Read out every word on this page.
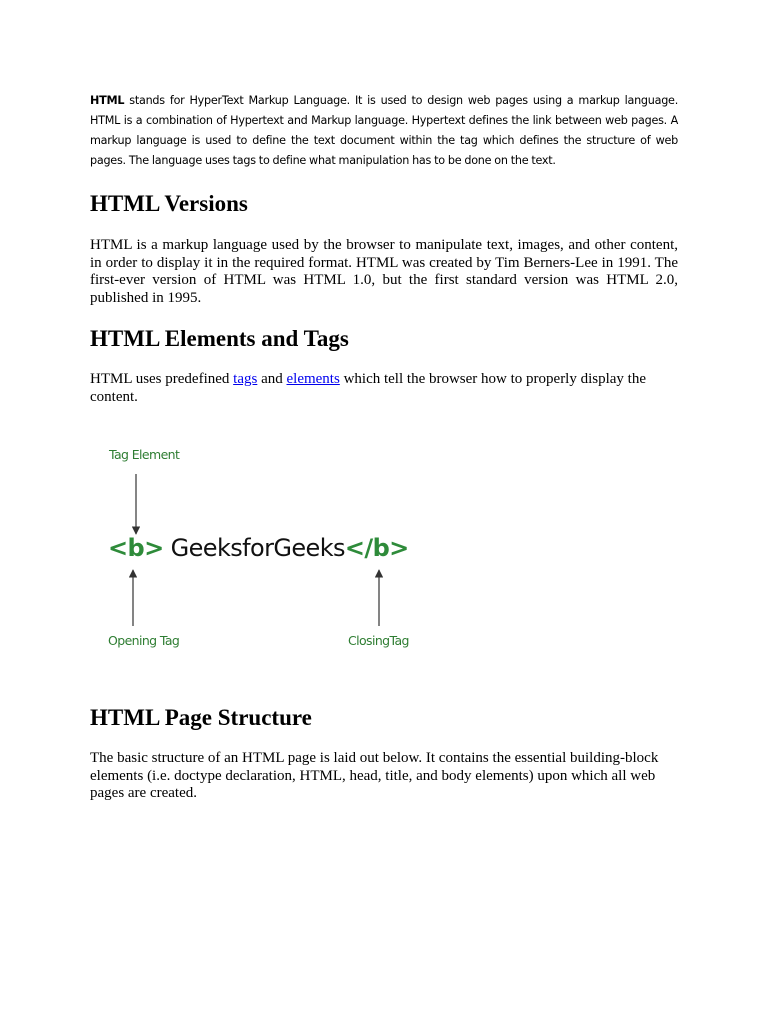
HTML stands for HyperText Markup Language. It is used to design web pages using a markup language. HTML is a combination of Hypertext and Markup language. Hypertext defines the link between web pages. A markup language is used to define the text document within the tag which defines the structure of web pages. The language uses tags to define what manipulation has to be done on the text.
HTML Versions

HTML is a markup language used by the browser to manipulate text, images, and other content, in order to display it in the required format. HTML was created by Tim Berners-Lee in 1991. The first-ever version of HTML was HTML 1.0, but the first standard version was HTML 2.0, published in 1995.

HTML Elements and Tags

HTML uses predefined tags and elements which tell the browser how to properly display the content.

HTML Page Structure

The basic structure of an HTML page is laid out below. It contains the essential building-block elements (i.e. doctype declaration, HTML, head, title, and body elements) upon which all web pages are created.

Tag Element
<b> GeeksforGeeks</b>
Opening Tag	ClosingTag
